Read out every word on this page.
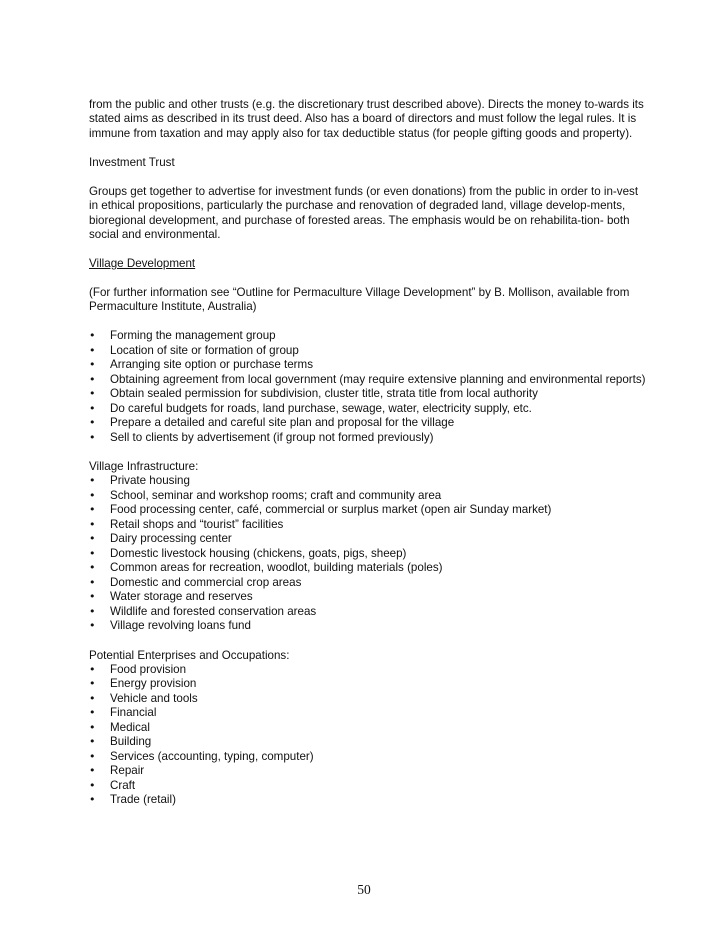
from the public and other trusts (e.g. the discretionary trust described above). Directs the money to-wards its stated aims as described in its trust deed. Also has a board of directors and must follow the legal rules. It is immune from taxation and may apply also for tax deductible status (for people gifting goods and property).

Investment Trust

Groups get together to advertise for investment funds (or even donations) from the public in order to in-vest in ethical propositions, particularly the purchase and renovation of degraded land, village develop-ments, bioregional development, and purchase of forested areas. The emphasis would be on rehabilita-tion- both social and environmental.

Village Development

(For further information see “Outline for Permaculture Village Development” by B. Mollison, available from Permaculture Institute, Australia)

• Forming the management group
• Location of site or formation of group
• Arranging site option or purchase terms
• Obtaining agreement from local government (may require extensive planning and environmental reports)
• Obtain sealed permission for subdivision, cluster title, strata title from local authority
• Do careful budgets for roads, land purchase, sewage, water, electricity supply, etc.
• Prepare a detailed and careful site plan and proposal for the village
• Sell to clients by advertisement (if group not formed previously)

Village Infrastructure:

• Private housing
• School, seminar and workshop rooms; craft and community area
• Food processing center, café, commercial or surplus market (open air Sunday market)
• Retail shops and “tourist” facilities
• Dairy processing center
• Domestic livestock housing (chickens, goats, pigs, sheep)
• Common areas for recreation, woodlot, building materials (poles)
• Domestic and commercial crop areas
• Water storage and reserves
• Wildlife and forested conservation areas
• Village revolving loans fund

Potential Enterprises and Occupations:

• Food provision
• Energy provision
• Vehicle and tools
• Financial
• Medical
• Building
• Services (accounting, typing, computer)
• Repair
• Craft
• Trade (retail)
50
